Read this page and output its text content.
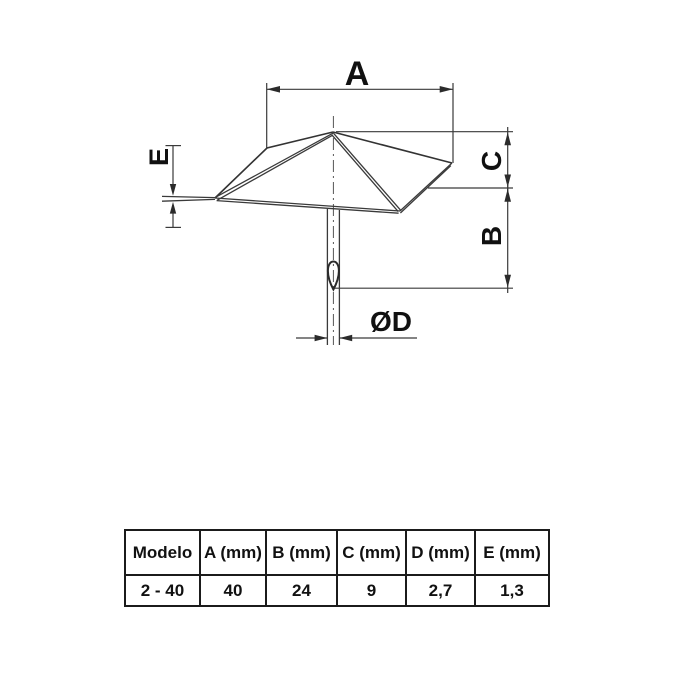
A
C
B
E
ØD
Modelo	A (mm)	B (mm)	C (mm)	D (mm)	E (mm)
2 - 40	40	24	9	2,7	1,3
